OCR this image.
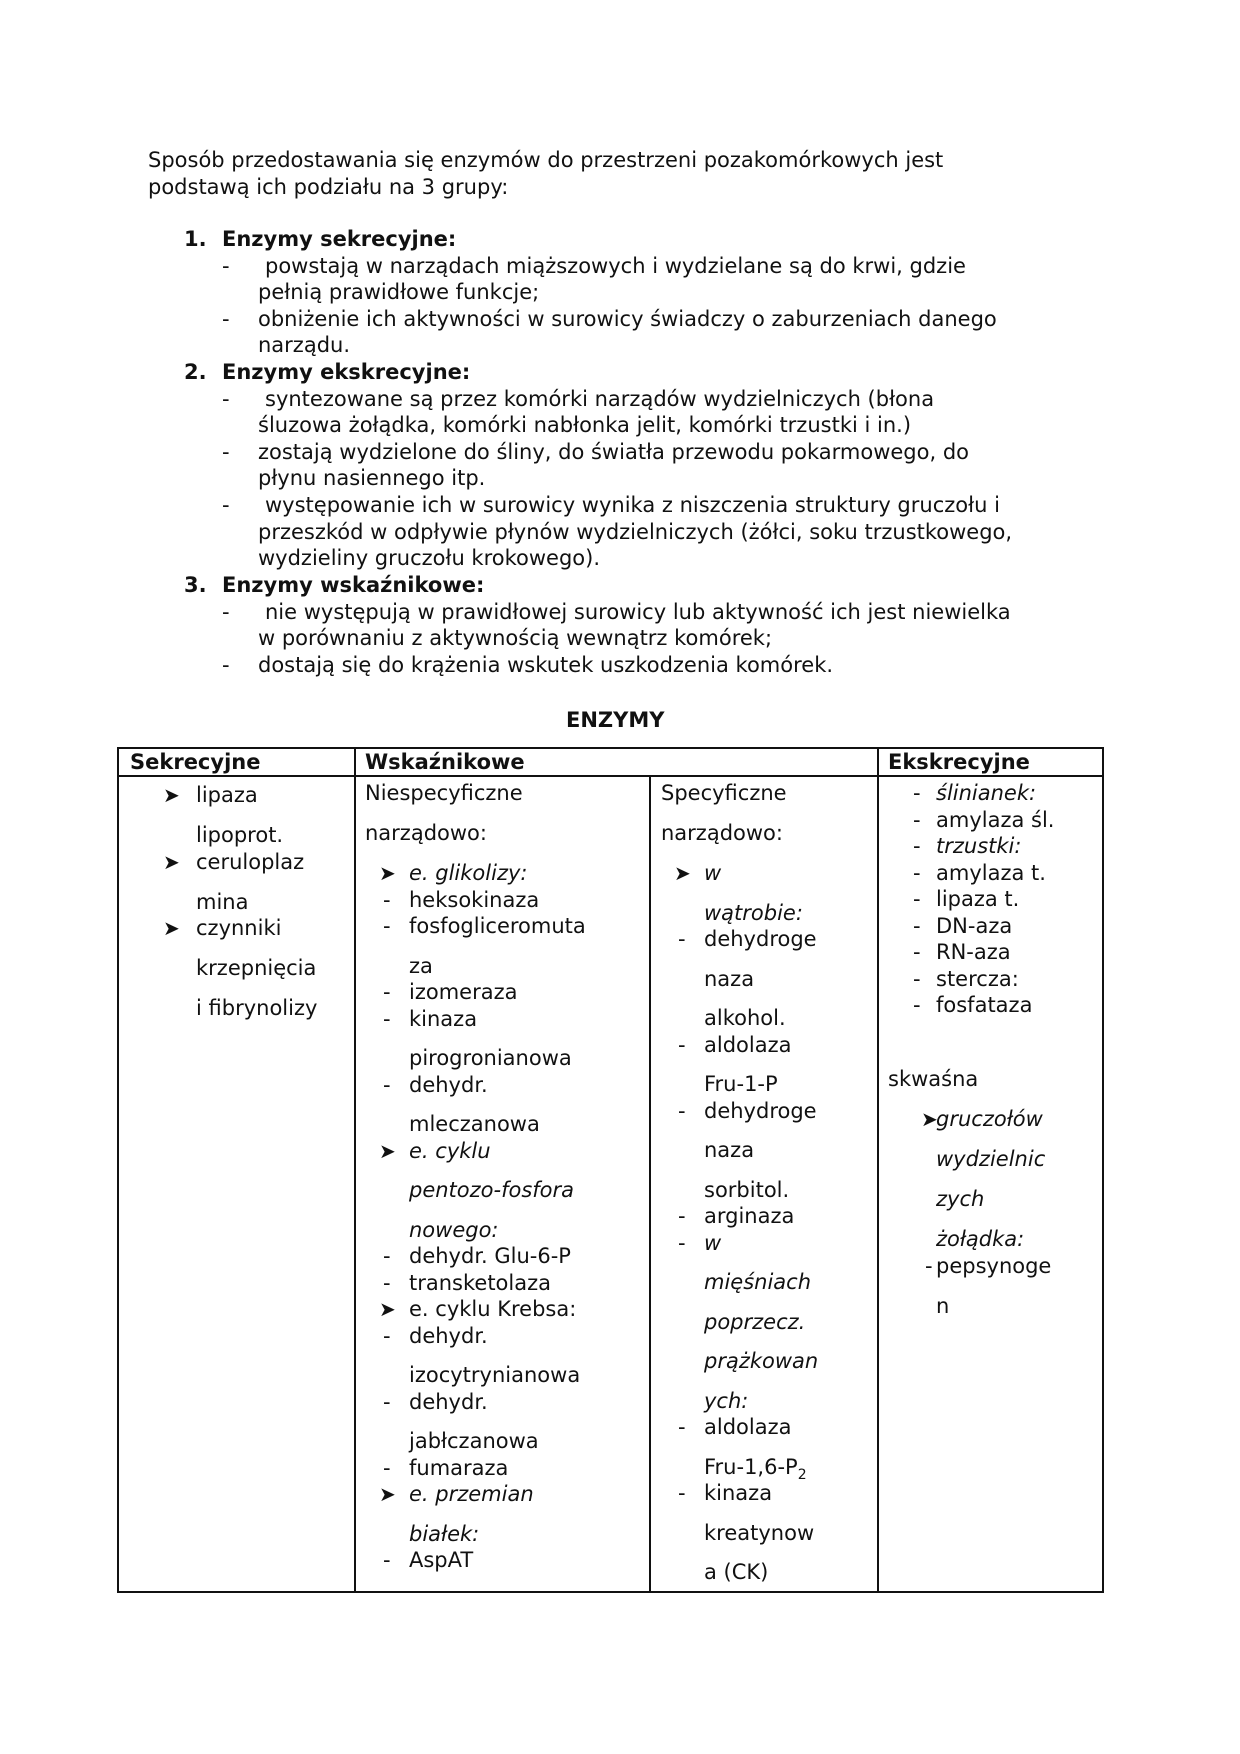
Sposób przedostawania się enzymów do przestrzeni pozakomórkowych jest
podstawą ich podziału na 3 grupy:
1. Enzymy sekrecyjne:
- powstają w narządach miąższowych i wydzielane są do krwi, gdzie
pełnią prawidłowe funkcje;
- obniżenie ich aktywności w surowicy świadczy o zaburzeniach danego
narządu.
2. Enzymy ekskrecyjne:
- syntezowane są przez komórki narządów wydzielniczych (błona
śluzowa żołądka, komórki nabłonka jelit, komórki trzustki i in.)
- zostają wydzielone do śliny, do światła przewodu pokarmowego, do
płynu nasiennego itp.
- występowanie ich w surowicy wynika z niszczenia struktury gruczołu i
przeszkód w odpływie płynów wydzielniczych (żółci, soku trzustkowego,
wydzieliny gruczołu krokowego).
3. Enzymy wskaźnikowe:
- nie występują w prawidłowej surowicy lub aktywność ich jest niewielka
w porównaniu z aktywnością wewnątrz komórek;
- dostają się do krążenia wskutek uszkodzenia komórek.
ENZYMY
Sekrecyjne	Wskaźnikowe	Ekskrecyjne
➤ lipaza
lipoprot.
➤ ceruloplaz
mina
➤ czynniki
krzepnięcia
i fibrynolizy
Niespecyficzne
narządowo:
➤ e. glikolizy:
- heksokinaza
- fosfogliceromuta
za
- izomeraza
- kinaza
pirogronianowa
- dehydr.
mleczanowa
➤ e. cyklu
pentozo-fosfora
nowego:
- dehydr. Glu-6-P
- transketolaza
➤ e. cyklu Krebsa:
- dehydr.
izocytrynianowa
- dehydr.
jabłczanowa
- fumaraza
➤ e. przemian
białek:
- AspAT
Specyficzne
narządowo:
➤ w
wątrobie:
- dehydroge
naza
alkohol.
- aldolaza
Fru-1-P
- dehydroge
naza
sorbitol.
- arginaza
- w
mięśniach
poprzecz.
prążkowan
ych:
- aldolaza
Fru-$1,6-P_2$
- kinaza
kreatynow
a (CK)
- ślinianek:
- amylaza śl.
- trzustki:
- amylaza t.
- lipaza t.
- DN-aza
- RN-aza
- stercza:
- fosfataza
skwaśna
➤
gruczołów
wydzielnic
zych
żołądka:
- pepsynoge
n
